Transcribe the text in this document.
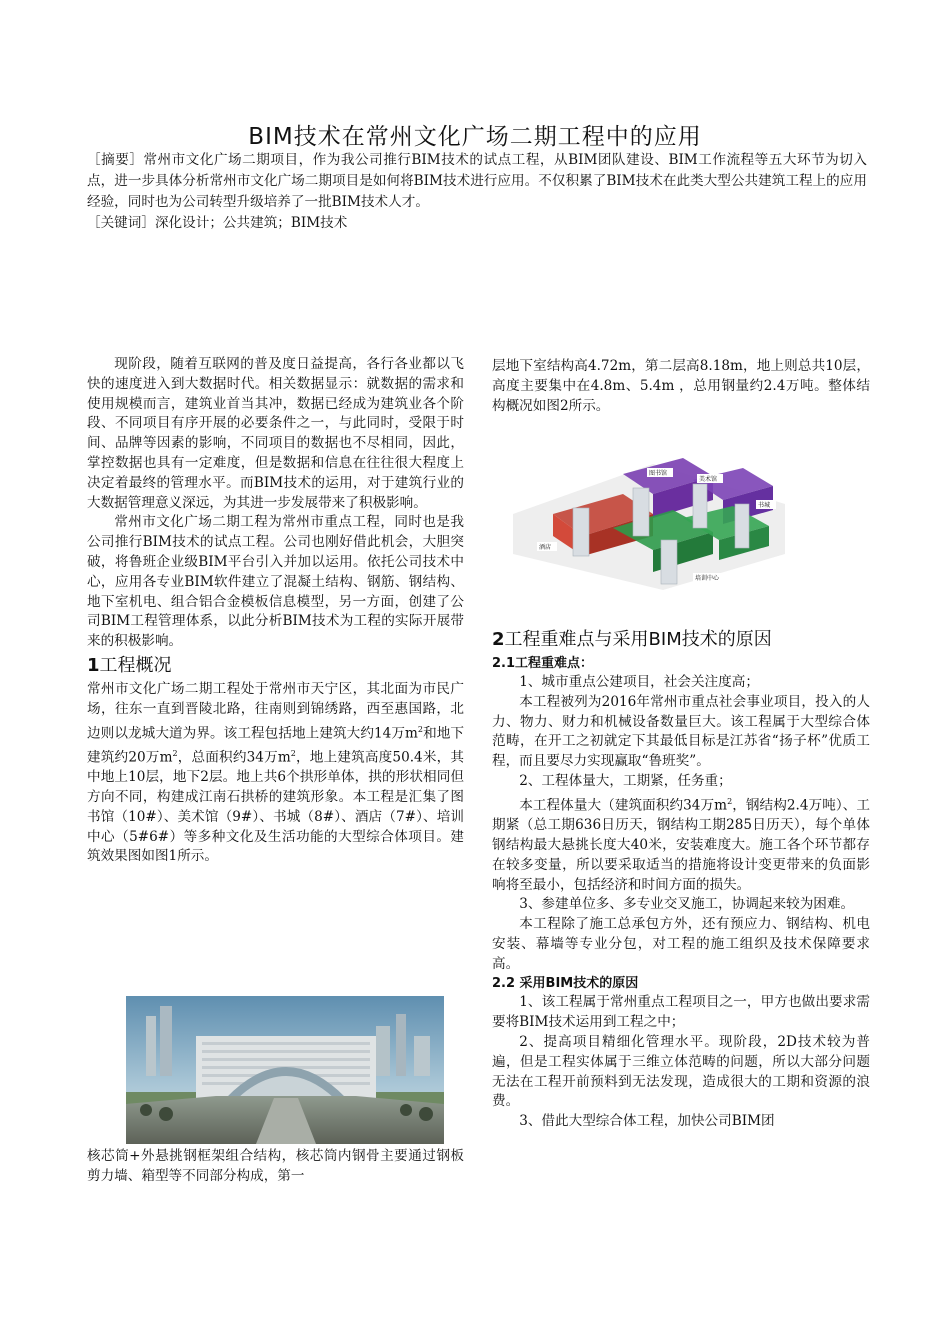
BIM技术在常州文化广场二期工程中的应用

［摘要］常州市文化广场二期项目，作为我公司推行BIM技术的试点工程，从BIM团队建设、BIM工作流程等五大环节为切入点，进一步具体分析常州市文化广场二期项目是如何将BIM技术进行应用。不仅积累了BIM技术在此类大型公共建筑工程上的应用经验，同时也为公司转型升级培养了一批BIM技术人才。

［关键词］深化设计；公共建筑；BIM技术

现阶段，随着互联网的普及度日益提高，各行各业都以飞快的速度进入到大数据时代。相关数据显示：就数据的需求和使用规模而言，建筑业首当其冲，数据已经成为建筑业各个阶段、不同项目有序开展的必要条件之一，与此同时，受限于时间、品牌等因素的影响，不同项目的数据也不尽相同，因此，掌控数据也具有一定难度，但是数据和信息在往往很大程度上决定着最终的管理水平。而BIM技术的运用，对于建筑行业的大数据管理意义深远，为其进一步发展带来了积极影响。

常州市文化广场二期工程为常州市重点工程，同时也是我公司推行BIM技术的试点工程。公司也刚好借此机会，大胆突破，将鲁班企业级BIM平台引入并加以运用。依托公司技术中心，应用各专业BIM软件建立了混凝土结构、钢筋、钢结构、地下室机电、组合铝合金模板信息模型，另一方面，创建了公司BIM工程管理体系，以此分析BIM技术为工程的实际开展带来的积极影响。

1工程概况

常州市文化广场二期工程处于常州市天宁区，其北面为市民广场，往东一直到晋陵北路，往南则到锦绣路，西至惠国路，北边则以龙城大道为界。该工程包括地上建筑大约14万$m^2$和地下建筑约20万$m^2$，总面积约34万$m^2$，地上建筑高度50.4米，其中地上10层，地下2层。地上共6个拱形单体，拱的形状相同但方向不同，构建成江南石拱桥的建筑形象。本工程是汇集了图书馆（10#）、美术馆（9#）、书城（8#）、酒店（7#）、培训中心（5#6#）等多种文化及生活功能的大型综合体项目。建筑效果图如图1所示。

核芯筒+外悬挑钢框架组合结构，核芯筒内钢骨主要通过钢板剪力墙、箱型等不同部分构成，第一

层地下室结构高4.72m，第二层高8.18m，地上则总共10层，高度主要集中在4.8m、5.4m ，总用钢量约2.4万吨。整体结构概况如图2所示。

图书馆
美术馆
书城
酒店
培训中心
2工程重难点与采用BIM技术的原因
2.1工程重难点：

1、城市重点公建项目，社会关注度高；

本工程被列为2016年常州市重点社会事业项目，投入的人力、物力、财力和机械设备数量巨大。该工程属于大型综合体范畴，在开工之初就定下其最低目标是江苏省“扬子杯”优质工程，而且要尽力实现赢取“鲁班奖”。

2、工程体量大，工期紧，任务重；

本工程体量大（建筑面积约34万$m^2$，钢结构2.4万吨）、工期紧（总工期636日历天，钢结构工期285日历天），每个单体钢结构最大悬挑长度大40米，安装难度大。施工各个环节都存在较多变量，所以要采取适当的措施将设计变更带来的负面影响将至最小，包括经济和时间方面的损失。

3、参建单位多、多专业交叉施工，协调起来较为困难。

本工程除了施工总承包方外，还有预应力、钢结构、机电安装、幕墙等专业分包，对工程的施工组织及技术保障要求高。

2.2 采用BIM技术的原因

1、该工程属于常州重点工程项目之一，甲方也做出要求需要将BIM技术运用到工程之中；

2、提高项目精细化管理水平。现阶段，2D技术较为普遍，但是工程实体属于三维立体范畴的问题，所以大部分问题无法在工程开前预料到无法发现，造成很大的工期和资源的浪费。

3、借此大型综合体工程，加快公司BIM团
